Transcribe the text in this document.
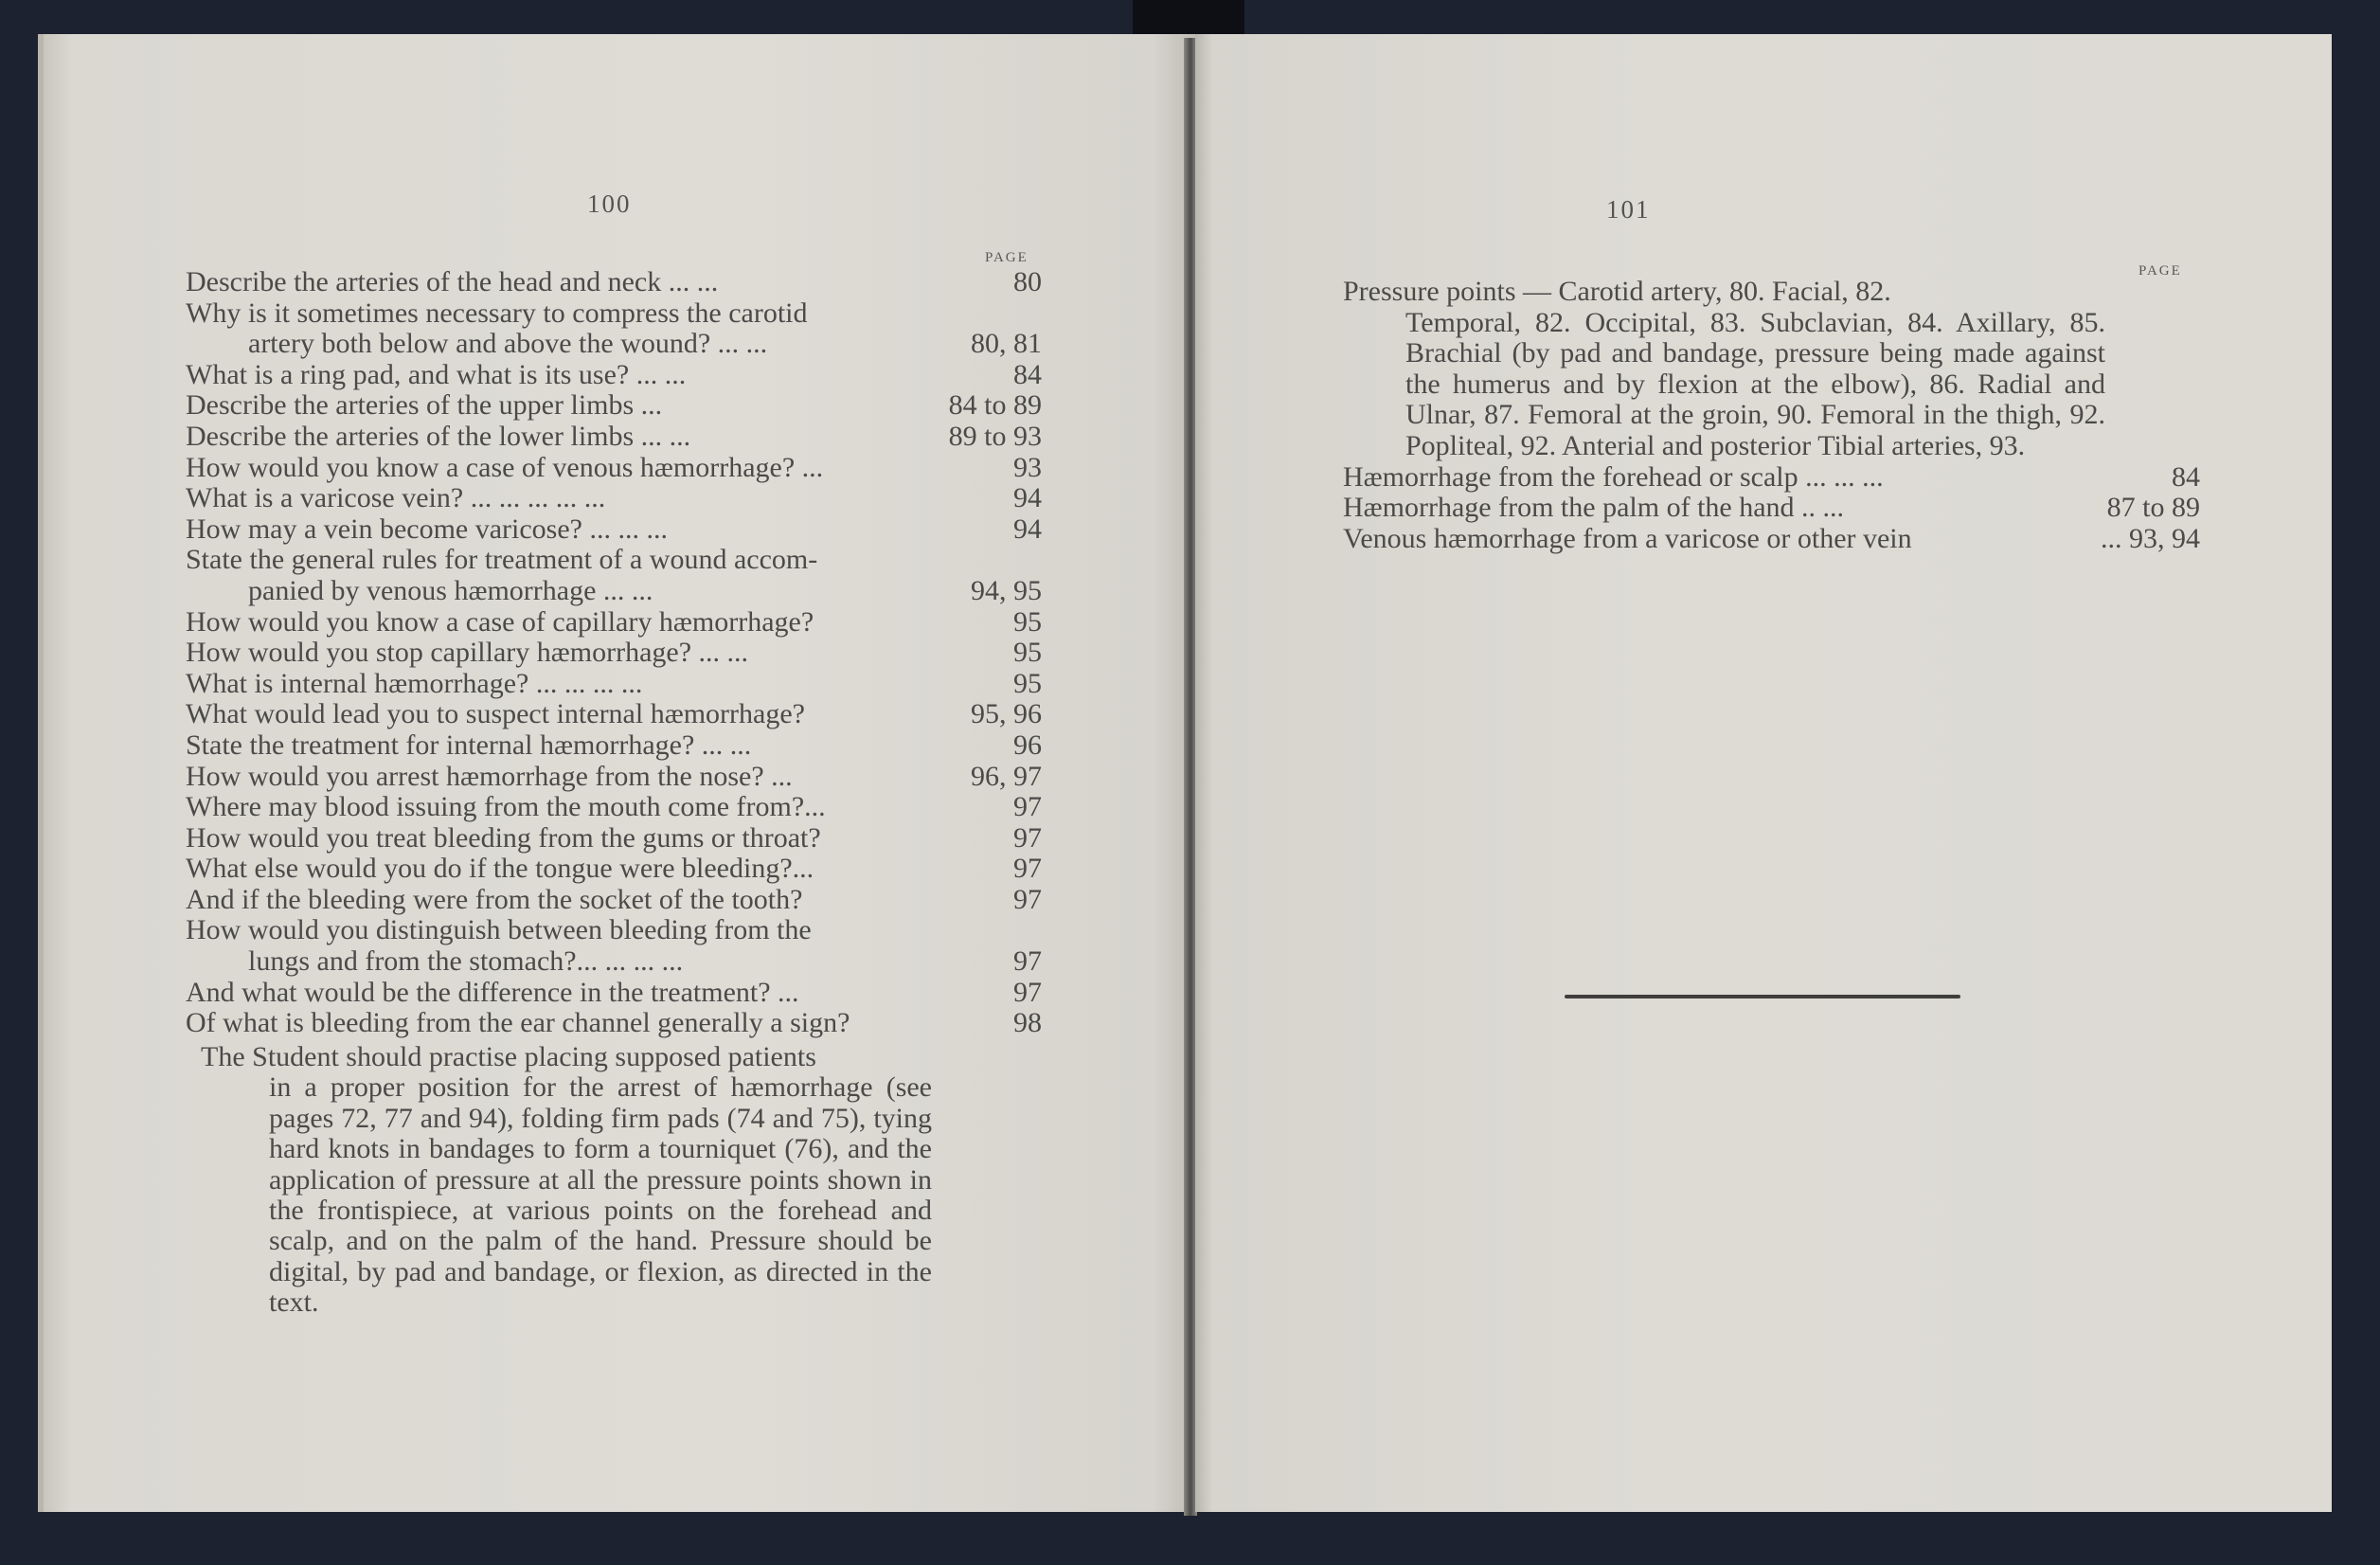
100
PAGE
Describe the arteries of the head and neck ... ...	80
Why is it sometimes necessary to compress the carotid
artery both below and above the wound? ... ...	80, 81
What is a ring pad, and what is its use? ... ...	84
Describe the arteries of the upper limbs ...	84 to 89
Describe the arteries of the lower limbs ... ...	89 to 93
How would you know a case of venous hæmorrhage? ...	93
What is a varicose vein? ... ... ... ... ...	94
How may a vein become varicose? ... ... ...	94
State the general rules for treatment of a wound accom-
panied by venous hæmorrhage ... ...	94, 95
How would you know a case of capillary hæmorrhage?	95
How would you stop capillary hæmorrhage? ... ...	95
What is internal hæmorrhage? ... ... ... ...	95
What would lead you to suspect internal hæmorrhage?	95, 96
State the treatment for internal hæmorrhage? ... ...	96
How would you arrest hæmorrhage from the nose? ...	96, 97
Where may blood issuing from the mouth come from?...	97
How would you treat bleeding from the gums or throat?	97
What else would you do if the tongue were bleeding?...	97
And if the bleeding were from the socket of the tooth?	97
How would you distinguish between bleeding from the
lungs and from the stomach?... ... ... ...	97
And what would be the difference in the treatment? ...	97
Of what is bleeding from the ear channel generally a sign?	98
The Student should practise placing supposed patients
in a proper position for the arrest of hæmorrhage (see pages 72, 77 and 94), folding firm pads (74 and 75), tying hard knots in bandages to form a tourniquet (76), and the application of pressure at all the pressure points shown in the frontispiece, at various points on the forehead and scalp, and on the palm of the hand. Pressure should be digital, by pad and bandage, or flexion, as directed in the text.
101
PAGE
Pressure points — Carotid artery, 80. Facial, 82.
Temporal, 82. Occipital, 83. Subclavian, 84. Axillary, 85. Brachial (by pad and bandage, pressure being made against the humerus and by flexion at the elbow), 86. Radial and Ulnar, 87. Femoral at the groin, 90. Femoral in the thigh, 92. Popliteal, 92. Anterial and posterior Tibial arteries, 93.
Hæmorrhage from the forehead or scalp ... ... ...	84
Hæmorrhage from the palm of the hand .. ...	87 to 89
Venous hæmorrhage from a varicose or other vein	... 93, 94
